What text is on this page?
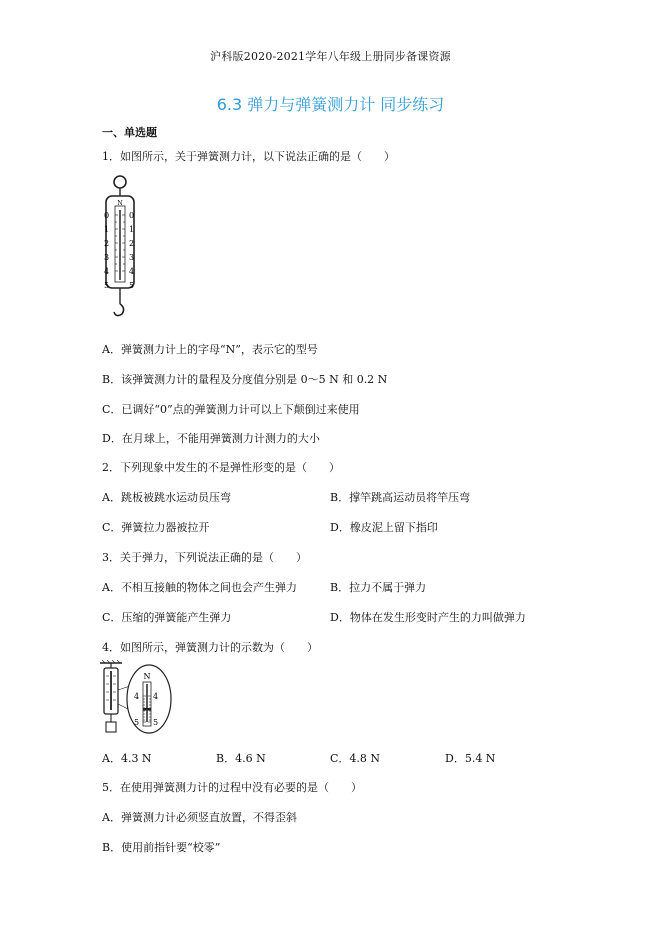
沪科版2020-2021学年八年级上册同步备课资源
6.3 弹力与弹簧测力计 同步练习
一、单选题
1．如图所示，关于弹簧测力计，以下说法正确的是（　　）
N
0
1
2
3
4
5
0
1
2
3
4
5
A．弹簧测力计上的字母“N”，表示它的型号
B．该弹簧测力计的量程及分度值分别是 0～5 N 和 0.2 N
C．已调好“0”点的弹簧测力计可以上下颠倒过来使用
D．在月球上，不能用弹簧测力计测力的大小
2．下列现象中发生的不是弹性形变的是（　　）
A．跳板被跳水运动员压弯	B．撑竿跳高运动员将竿压弯
C．弹簧拉力器被拉开	D．橡皮泥上留下指印
3．关于弹力，下列说法正确的是（　　）
A．不相互接触的物体之间也会产生弹力	B．拉力不属于弹力
C．压缩的弹簧能产生弹力	D．物体在发生形变时产生的力叫做弹力
4．如图所示，弹簧测力计的示数为（　　）
N
4 4
5 5
A．4.3 N	B．4.6 N	C．4.8 N	D．5.4 N
5．在使用弹簧测力计的过程中没有必要的是（　　）
A．弹簧测力计必须竖直放置，不得歪斜
B．使用前指针要“校零”
